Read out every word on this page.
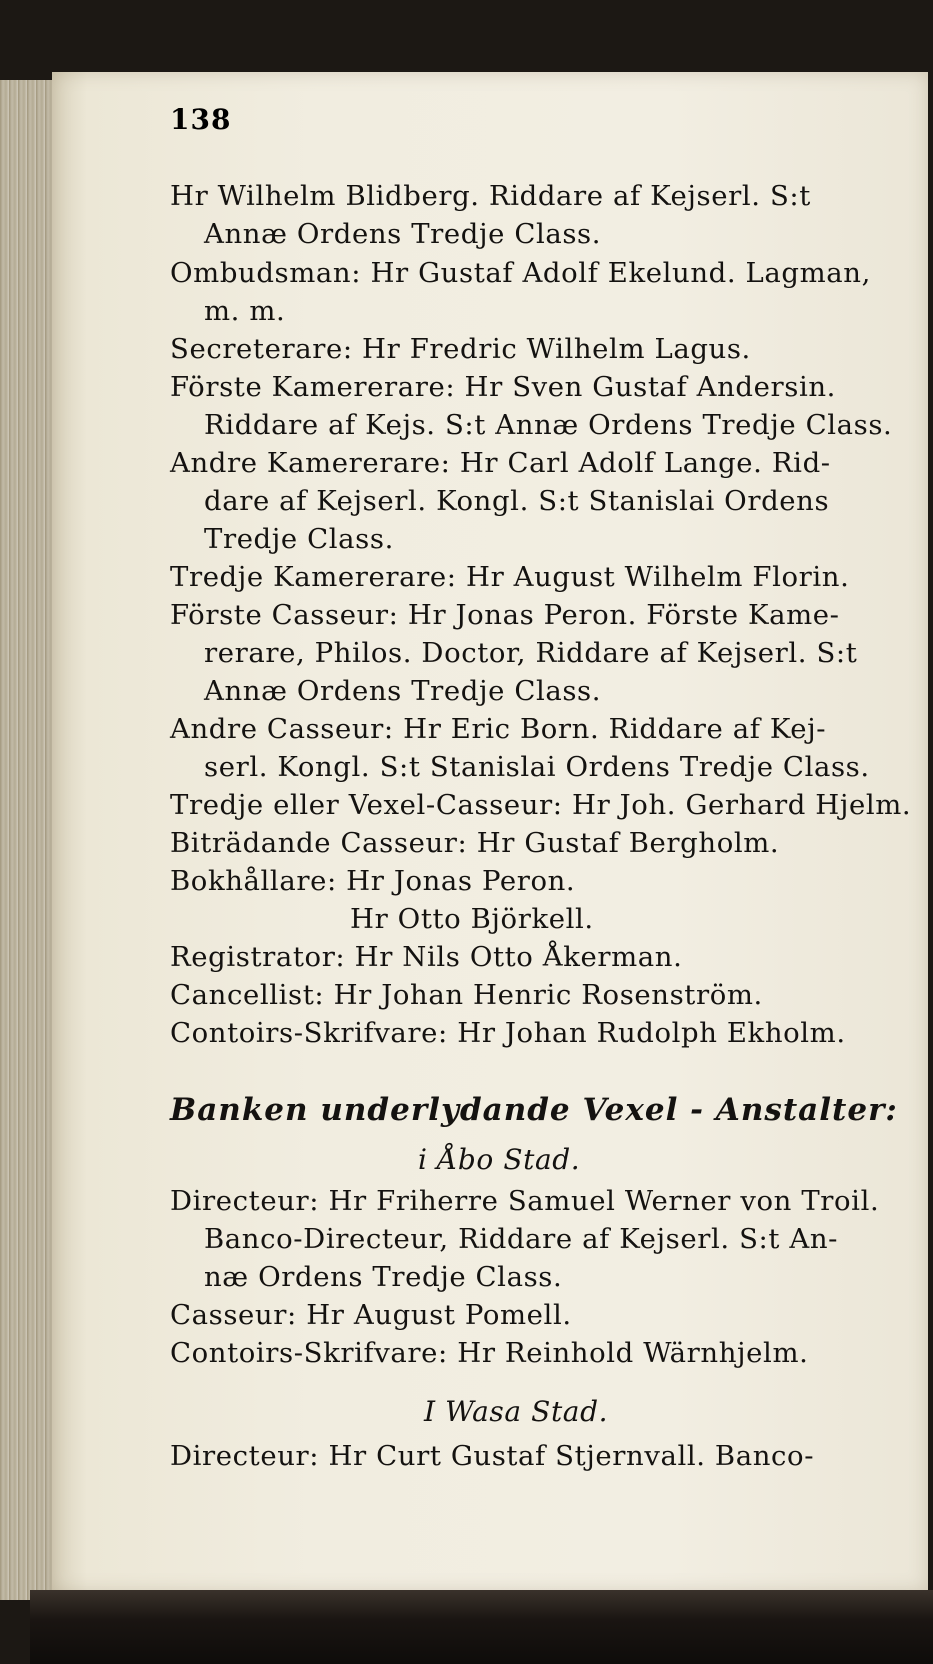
138
Hr Wilhelm Blidberg. Riddare af Kejserl. S:t
Annæ Ordens Tredje Class.
Ombudsman: Hr Gustaf Adolf Ekelund. Lagman,
m. m.
Secreterare: Hr Fredric Wilhelm Lagus.
Förste Kamererare: Hr Sven Gustaf Andersin.
Riddare af Kejs. S:t Annæ Ordens Tredje Class.
Andre Kamererare: Hr Carl Adolf Lange. Rid-
dare af Kejserl. Kongl. S:t Stanislai Ordens
Tredje Class.
Tredje Kamererare: Hr August Wilhelm Florin.
Förste Casseur: Hr Jonas Peron. Förste Kame-
rerare, Philos. Doctor, Riddare af Kejserl. S:t
Annæ Ordens Tredje Class.
Andre Casseur: Hr Eric Born. Riddare af Kej-
serl. Kongl. S:t Stanislai Ordens Tredje Class.
Tredje eller Vexel-Casseur: Hr Joh. Gerhard Hjelm.
Biträdande Casseur: Hr Gustaf Bergholm.
Bokhållare: Hr Jonas Peron.
Hr Otto Björkell.
Registrator: Hr Nils Otto Åkerman.
Cancellist: Hr Johan Henric Rosenström.
Contoirs-Skrifvare: Hr Johan Rudolph Ekholm.
Banken underlydande Vexel - Anstalter:
i Åbo Stad.
Directeur: Hr Friherre Samuel Werner von Troil.
Banco-Directeur, Riddare af Kejserl. S:t An-
næ Ordens Tredje Class.
Casseur: Hr August Pomell.
Contoirs-Skrifvare: Hr Reinhold Wärnhjelm.
I Wasa Stad.
Directeur: Hr Curt Gustaf Stjernvall. Banco-
